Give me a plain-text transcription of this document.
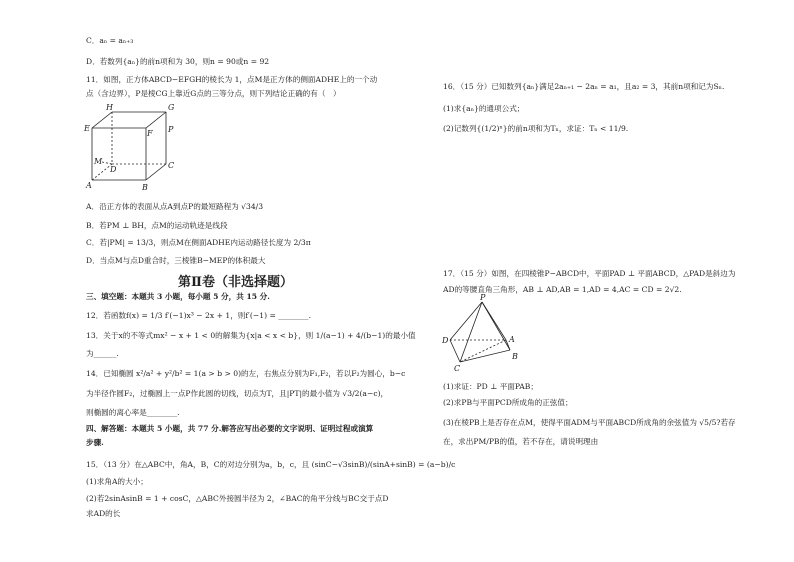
C．aₙ = aₙ₊₃
D．若数列{aₙ}的前n项和为 30，则n = 90或n = 92
11．如图，正方体ABCD−EFGH的棱长为 1，点M是正方体的侧面ADHE上的一个动
点（含边界），P是棱CG上靠近G点的三等分点，则下列结论正确的有（　）
H	G
E
F P
M
D	C
A	B
A．沿正方体的表面从点A到点P的最短路程为 √34/3
B．若PM ⊥ BH，点M的运动轨迹是线段
C．若|PM| = 13/3，则点M在侧面ADHE内运动路径长度为 2/3π
D．当点M与点D重合时，三棱锥B−MEP的体积最大
第Ⅱ卷（非选择题）
三、填空题：本题共 3 小题，每小题 5 分，共 15 分.
12．若函数f(x) = 1/3 f′(−1)x³ − 2x + 1，则f′(−1) = ________.
13．关于x的不等式mx² − x + 1 < 0的解集为{x|a < x < b}，则 1/(a−1) + 4/(b−1)的最小值
为______.
14．已知椭圆 x²/a² + y²/b² = 1(a > b > 0)的左，右焦点分别为F₁,F₂，若以F₂为圆心，b−c
为半径作圆F₂，过椭圆上一点P作此圆的切线，切点为T，且|PT|的最小值为 √3/2(a−c)，
则椭圆的离心率是________.
四、解答题：本题共 5 小题，共 77 分.解答应写出必要的文字说明、证明过程或演算
步骤.
15．（13 分）在△ABC中，角A，B，C的对边分别为a，b，c，且 (sinC−√3sinB)/(sinA+sinB) = (a−b)/c
(1)求角A的大小；
(2)若2sinAsinB = 1 + cosC，△ABC外接圆半径为 2，∠BAC的角平分线与BC交于点D
求AD的长
16．（15 分）已知数列{aₙ}满足2aₙ₊₁ − 2aₙ = a₁，且a₂ = 3，其前n项和记为Sₙ.
(1)求{aₙ}的通项公式；
(2)记数列{(1/2)ⁿ}的前n项和为Tₙ，求证：Tₙ < 11/9.
17．（15 分）如图，在四棱锥P−ABCD中，平面PAD ⊥ 平面ABCD，△PAD是斜边为
AD的等腰直角三角形，AB ⊥ AD,AB = 1,AD = 4,AC = CD = 2√2.
P
D	A
B
C
(1)求证：PD ⊥ 平面PAB；
(2)求PB与平面PCD所成角的正弦值；
(3)在棱PB上是否存在点M，使得平面ADM与平面ABCD所成角的余弦值为 √5/5?若存
在，求出PM/PB的值，若不存在，请说明理由
